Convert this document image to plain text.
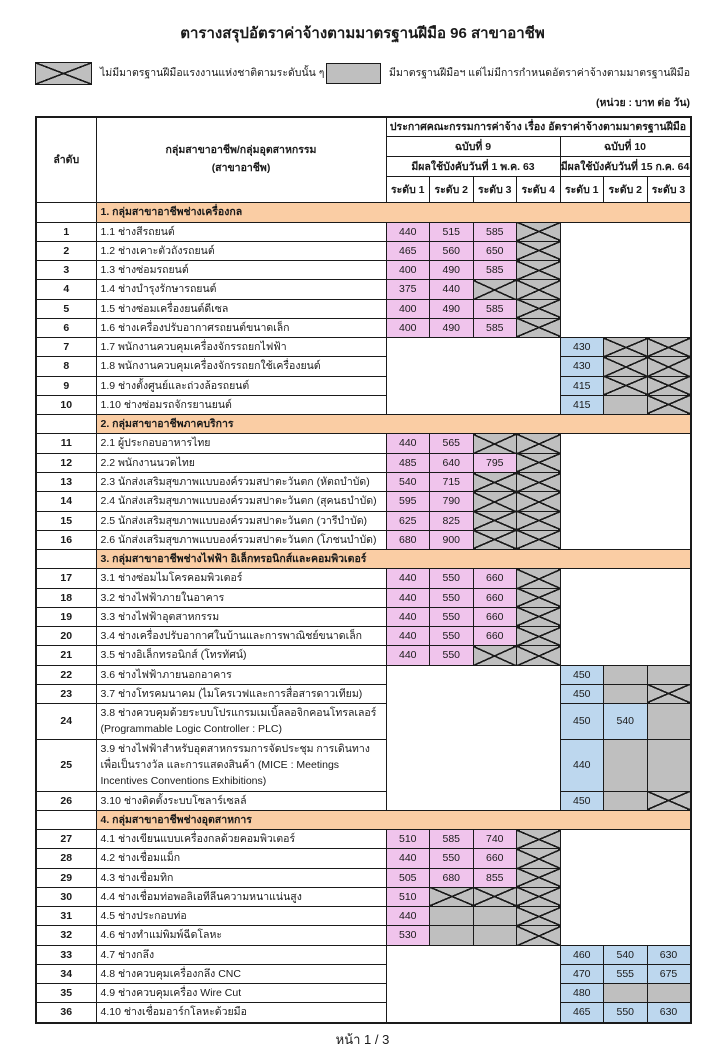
ตารางสรุปอัตราค่าจ้างตามมาตรฐานฝีมือ 96 สาขาอาชีพ
ไม่มีมาตรฐานฝีมือแรงงานแห่งชาติตามระดับนั้น ๆ	มีมาตรฐานฝีมือฯ แต่ไม่มีการกำหนดอัตราค่าจ้างตามมาตรฐานฝีมือ
(หน่วย : บาท ต่อ วัน)
ลำดับ	กลุ่มสาขาอาชีพ/กลุ่มอุตสาหกรรม
(สาขาอาชีพ)	ประกาศคณะกรรมการค่าจ้าง เรื่อง อัตราค่าจ้างตามมาตรฐานฝีมือ						
		ฉบับที่ 9				ฉบับที่ 10		
		มีผลใช้บังคับวันที่ 1 พ.ค. 63				มีผลใช้บังคับวันที่ 15 ก.ค. 64		
		ระดับ 1	ระดับ 2	ระดับ 3	ระดับ 4	ระดับ 1	ระดับ 2	ระดับ 3
	1. กลุ่มสาขาอาชีพช่างเครื่องกล							
1	1.1 ช่างสีรถยนต์	440	515	585				
2	1.2 ช่างเคาะตัวถังรถยนต์	465	560	650				
3	1.3 ช่างซ่อมรถยนต์	400	490	585				
4	1.4 ช่างบำรุงรักษารถยนต์	375	440					
5	1.5 ช่างซ่อมเครื่องยนต์ดีเซล	400	490	585				
6	1.6 ช่างเครื่องปรับอากาศรถยนต์ขนาดเล็ก	400	490	585				
7	1.7 พนักงานควบคุมเครื่องจักรรถยกไฟฟ้า					430		
8	1.8 พนักงานควบคุมเครื่องจักรรถยกใช้เครื่องยนต์					430		
9	1.9 ช่างตั้งศูนย์และถ่วงล้อรถยนต์					415		
10	1.10 ช่างซ่อมรถจักรยานยนต์					415		
	2. กลุ่มสาขาอาชีพภาคบริการ							
11	2.1 ผู้ประกอบอาหารไทย	440	565					
12	2.2 พนักงานนวดไทย	485	640	795				
13	2.3 นักส่งเสริมสุขภาพแบบองค์รวมสปาตะวันตก (หัตถบำบัด)	540	715					
14	2.4 นักส่งเสริมสุขภาพแบบองค์รวมสปาตะวันตก (สุคนธบำบัด)	595	790					
15	2.5 นักส่งเสริมสุขภาพแบบองค์รวมสปาตะวันตก (วารีบำบัด)	625	825					
16	2.6 นักส่งเสริมสุขภาพแบบองค์รวมสปาตะวันตก (โภชนบำบัด)	680	900					
	3. กลุ่มสาขาอาชีพช่างไฟฟ้า อิเล็กทรอนิกส์และคอมพิวเตอร์							
17	3.1 ช่างซ่อมไมโครคอมพิวเตอร์	440	550	660				
18	3.2 ช่างไฟฟ้าภายในอาคาร	440	550	660				
19	3.3 ช่างไฟฟ้าอุตสาหกรรม	440	550	660				
20	3.4 ช่างเครื่องปรับอากาศในบ้านและการพาณิชย์ขนาดเล็ก	440	550	660				
21	3.5 ช่างอิเล็กทรอนิกส์ (โทรทัศน์)	440	550					
22	3.6 ช่างไฟฟ้าภายนอกอาคาร					450		
23	3.7 ช่างโทรคมนาคม (ไมโครเวฟและการสื่อสารดาวเทียม)					450		
24	3.8 ช่างควบคุมด้วยระบบโปรแกรมเมเบิ้ลลอจิกคอนโทรลเลอร์ (Programmable Logic Controller : PLC)					450	540	
25	3.9 ช่างไฟฟ้าสำหรับอุตสาหกรรมการจัดประชุม การเดินทางเพื่อเป็นรางวัล และการแสดงสินค้า (MICE : Meetings Incentives Conventions Exhibitions)					440		
26	3.10 ช่างติดตั้งระบบโซลาร์เซลล์					450		
	4. กลุ่มสาขาอาชีพช่างอุตสาหการ							
27	4.1 ช่างเขียนแบบเครื่องกลด้วยคอมพิวเตอร์	510	585	740				
28	4.2 ช่างเชื่อมแม็ก	440	550	660				
29	4.3 ช่างเชื่อมทิก	505	680	855				
30	4.4 ช่างเชื่อมท่อพอลิเอทีลีนความหนาแน่นสูง	510						
31	4.5 ช่างประกอบท่อ	440						
32	4.6 ช่างทำแม่พิมพ์ฉีดโลหะ	530						
33	4.7 ช่างกลึง					460	540	630
34	4.8 ช่างควบคุมเครื่องกลึง CNC					470	555	675
35	4.9 ช่างควบคุมเครื่อง Wire Cut					480		
36	4.10 ช่างเชื่อมอาร์กโลหะด้วยมือ					465	550	630
หน้า 1 / 3
